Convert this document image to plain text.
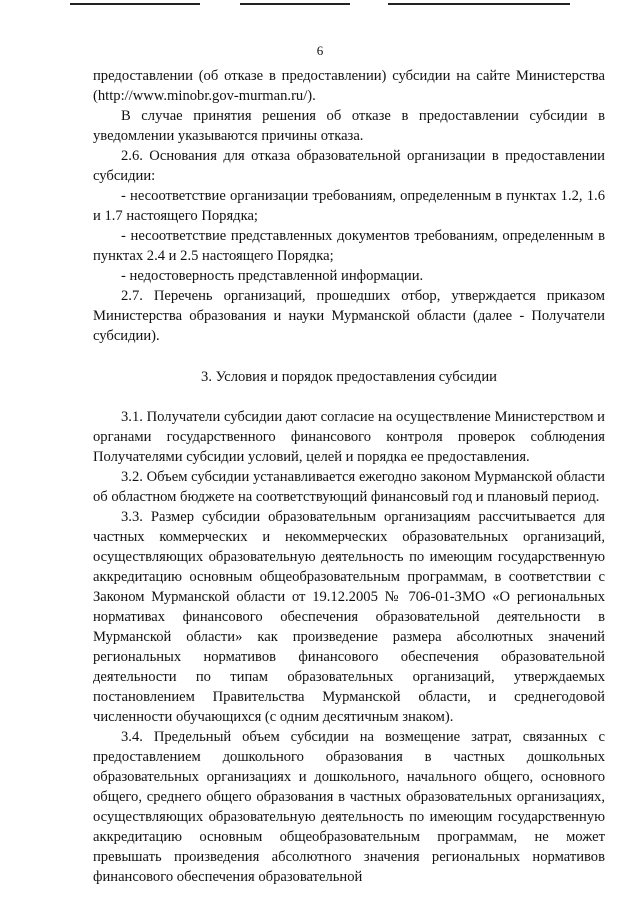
6

предоставлении (об отказе в предоставлении) субсидии на сайте Министерства (http://www.minobr.gov-murman.ru/).

В случае принятия решения об отказе в предоставлении субсидии в уведомлении указываются причины отказа.

2.6. Основания для отказа образовательной организации в предоставлении субсидии:

- несоответствие организации требованиям, определенным в пунктах 1.2, 1.6 и 1.7 настоящего Порядка;

- несоответствие представленных документов требованиям, определенным в пунктах 2.4 и 2.5 настоящего Порядка;

- недостоверность представленной информации.

2.7. Перечень организаций, прошедших отбор, утверждается приказом Министерства образования и науки Мурманской области (далее - Получатели субсидии).

3. Условия и порядок предоставления субсидии

3.1. Получатели субсидии дают согласие на осуществление Министерством и органами государственного финансового контроля проверок соблюдения Получателями субсидии условий, целей и порядка ее предоставления.

3.2. Объем субсидии устанавливается ежегодно законом Мурманской области об областном бюджете на соответствующий финансовый год и плановый период.

3.3. Размер субсидии образовательным организациям рассчитывается для частных коммерческих и некоммерческих образовательных организаций, осуществляющих образовательную деятельность по имеющим государственную аккредитацию основным общеобразовательным программам, в соответствии с Законом Мурманской области от 19.12.2005 № 706-01-ЗМО «О региональных нормативах финансового обеспечения образовательной деятельности в Мурманской области» как произведение размера абсолютных значений региональных нормативов финансового обеспечения образовательной деятельности по типам образовательных организаций, утверждаемых постановлением Правительства Мурманской области, и среднегодовой численности обучающихся (с одним десятичным знаком).

3.4. Предельный объем субсидии на возмещение затрат, связанных с предоставлением дошкольного образования в частных дошкольных образовательных организациях и дошкольного, начального общего, основного общего, среднего общего образования в частных образовательных организациях, осуществляющих образовательную деятельность по имеющим государственную аккредитацию основным общеобразовательным программам, не может превышать произведения абсолютного значения региональных нормативов финансового обеспечения образовательной
